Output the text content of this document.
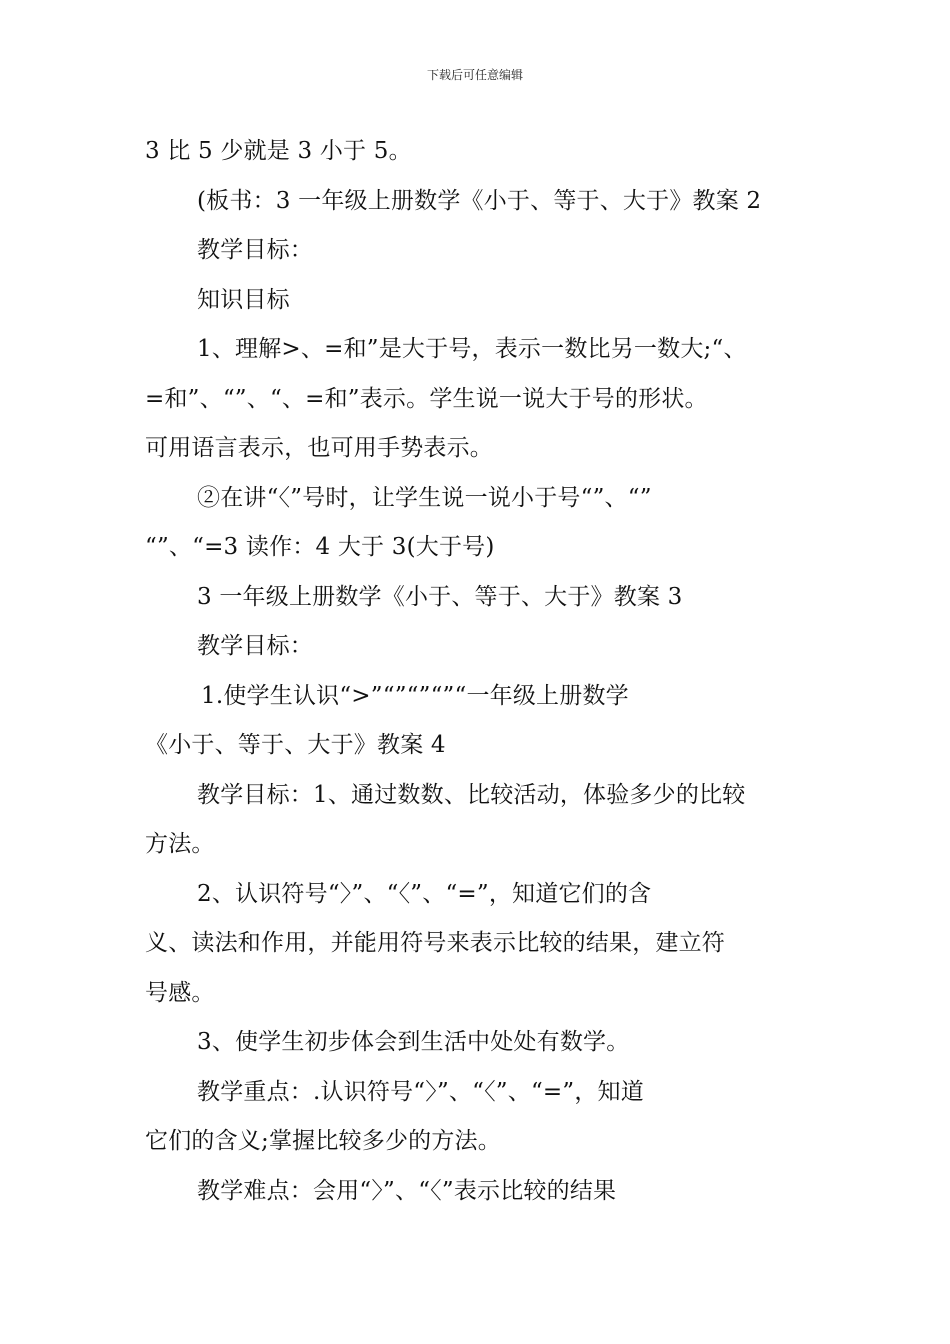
下载后可任意编辑
3 比 5 少就是 3 小于 5。
(板书：3 一年级上册数学《小于、等于、大于》教案 2
教学目标：
知识目标
1、理解>、=和”是大于号，表示一数比另一数大;“、
=和”、“”、“、=和”表示。学生说一说大于号的形状。
可用语言表示，也可用手势表示。
②在讲“〈”号时，让学生说一说小于号“”、“”
“”、“=3 读作：4 大于 3(大于号)
3 一年级上册数学《小于、等于、大于》教案 3
教学目标：
1.使学生认识“>”“”“”“”“一年级上册数学
《小于、等于、大于》教案 4
教学目标：1、通过数数、比较活动，体验多少的比较
方法。
2、认识符号“〉”、“〈”、“=”，知道它们的含
义、读法和作用，并能用符号来表示比较的结果，建立符
号感。
3、使学生初步体会到生活中处处有数学。
教学重点：.认识符号“〉”、“〈”、“=”，知道
它们的含义;掌握比较多少的方法。
教学难点：会用“〉”、“〈”表示比较的结果
